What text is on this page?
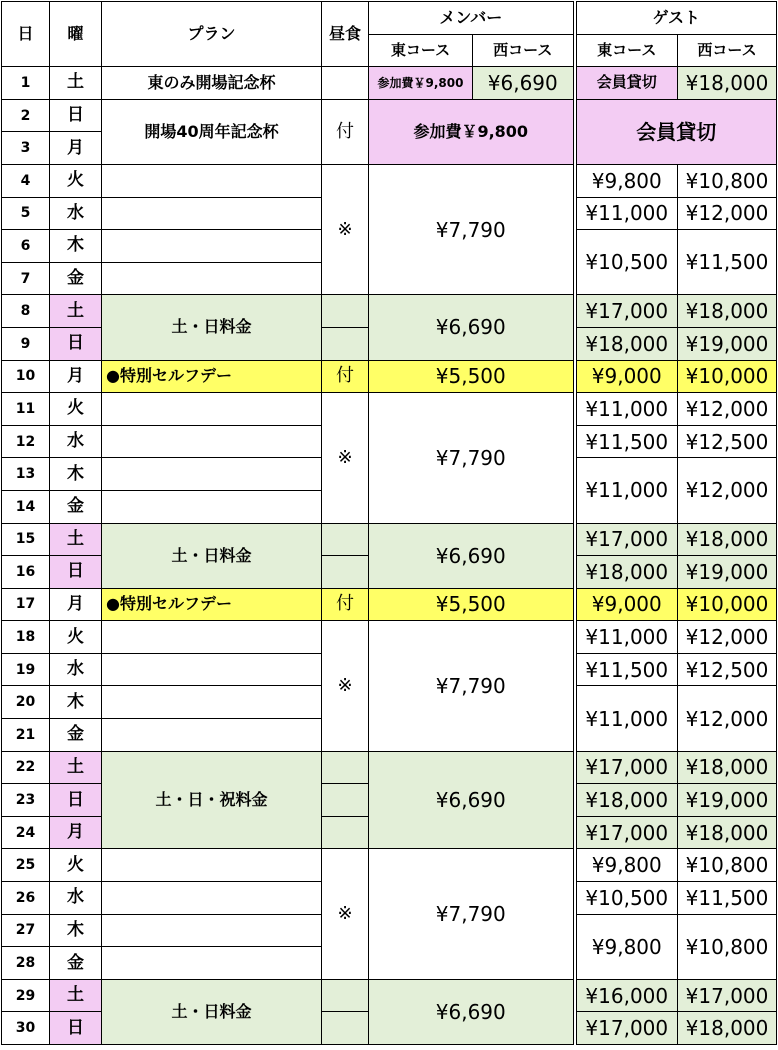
日	曜	プラン	昼食	メンバー		ゲスト	
				東コース	西コース	東コース	西コース
1	土	東のみ開場記念杯		参加費￥9,800	¥6,690	会員貸切	¥18,000
2	日	開場40周年記念杯	付	参加費￥9,800		会員貸切	
3	月						
4	火		※	¥7,790		¥9,800	¥10,800
5	水					¥11,000	¥12,000
6	木					¥10,500	¥11,500
7	金						
8	土	土・日料金		¥6,690		¥17,000	¥18,000
9	日					¥18,000	¥19,000
10	月	●特別セルフデー	付	¥5,500		¥9,000	¥10,000
11	火		※	¥7,790		¥11,000	¥12,000
12	水					¥11,500	¥12,500
13	木					¥11,000	¥12,000
14	金						
15	土	土・日料金		¥6,690		¥17,000	¥18,000
16	日					¥18,000	¥19,000
17	月	●特別セルフデー	付	¥5,500		¥9,000	¥10,000
18	火		※	¥7,790		¥11,000	¥12,000
19	水					¥11,500	¥12,500
20	木					¥11,000	¥12,000
21	金						
22	土	土・日・祝料金		¥6,690		¥17,000	¥18,000
23	日					¥18,000	¥19,000
24	月					¥17,000	¥18,000
25	火		※	¥7,790		¥9,800	¥10,800
26	水					¥10,500	¥11,500
27	木					¥9,800	¥10,800
28	金						
29	土	土・日料金		¥6,690		¥16,000	¥17,000
30	日					¥17,000	¥18,000
